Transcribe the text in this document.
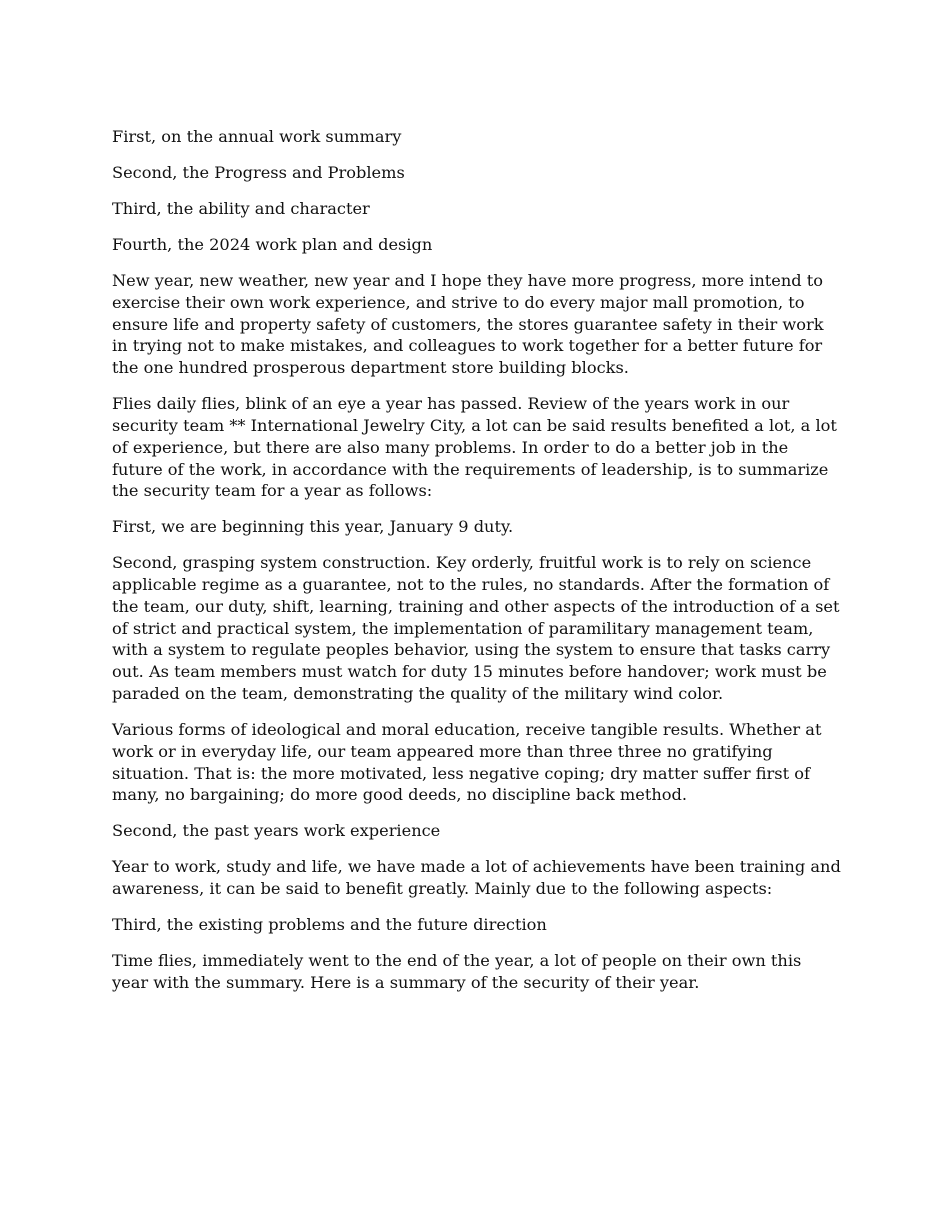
First, on the annual work summary

Second, the Progress and Problems

Third, the ability and character

Fourth, the 2024 work plan and design

New year, new weather, new year and I hope they have more progress, more intend to exercise their own work experience, and strive to do every major mall promotion, to ensure life and property safety of customers, the stores guarantee safety in their work in trying not to make mistakes, and colleagues to work together for a better future for the one hundred prosperous department store building blocks.

Flies daily flies, blink of an eye a year has passed. Review of the years work in our security team ** International Jewelry City, a lot can be said results benefited a lot, a lot of experience, but there are also many problems. In order to do a better job in the future of the work, in accordance with the requirements of leadership, is to summarize the security team for a year as follows:

First, we are beginning this year, January 9 duty.

Second, grasping system construction. Key orderly, fruitful work is to rely on science applicable regime as a guarantee, not to the rules, no standards. After the formation of the team, our duty, shift, learning, training and other aspects of the introduction of a set of strict and practical system, the implementation of paramilitary management team, with a system to regulate peoples behavior, using the system to ensure that tasks carry out. As team members must watch for duty 15 minutes before handover; work must be paraded on the team, demonstrating the quality of the military wind color.

Various forms of ideological and moral education, receive tangible results. Whether at work or in everyday life, our team appeared more than three three no gratifying situation. That is: the more motivated, less negative coping; dry matter suffer first of many, no bargaining; do more good deeds, no discipline back method.

Second, the past years work experience

Year to work, study and life, we have made a lot of achievements have been training and awareness, it can be said to benefit greatly. Mainly due to the following aspects:

Third, the existing problems and the future direction

Time flies, immediately went to the end of the year, a lot of people on their own this year with the summary. Here is a summary of the security of their year.
